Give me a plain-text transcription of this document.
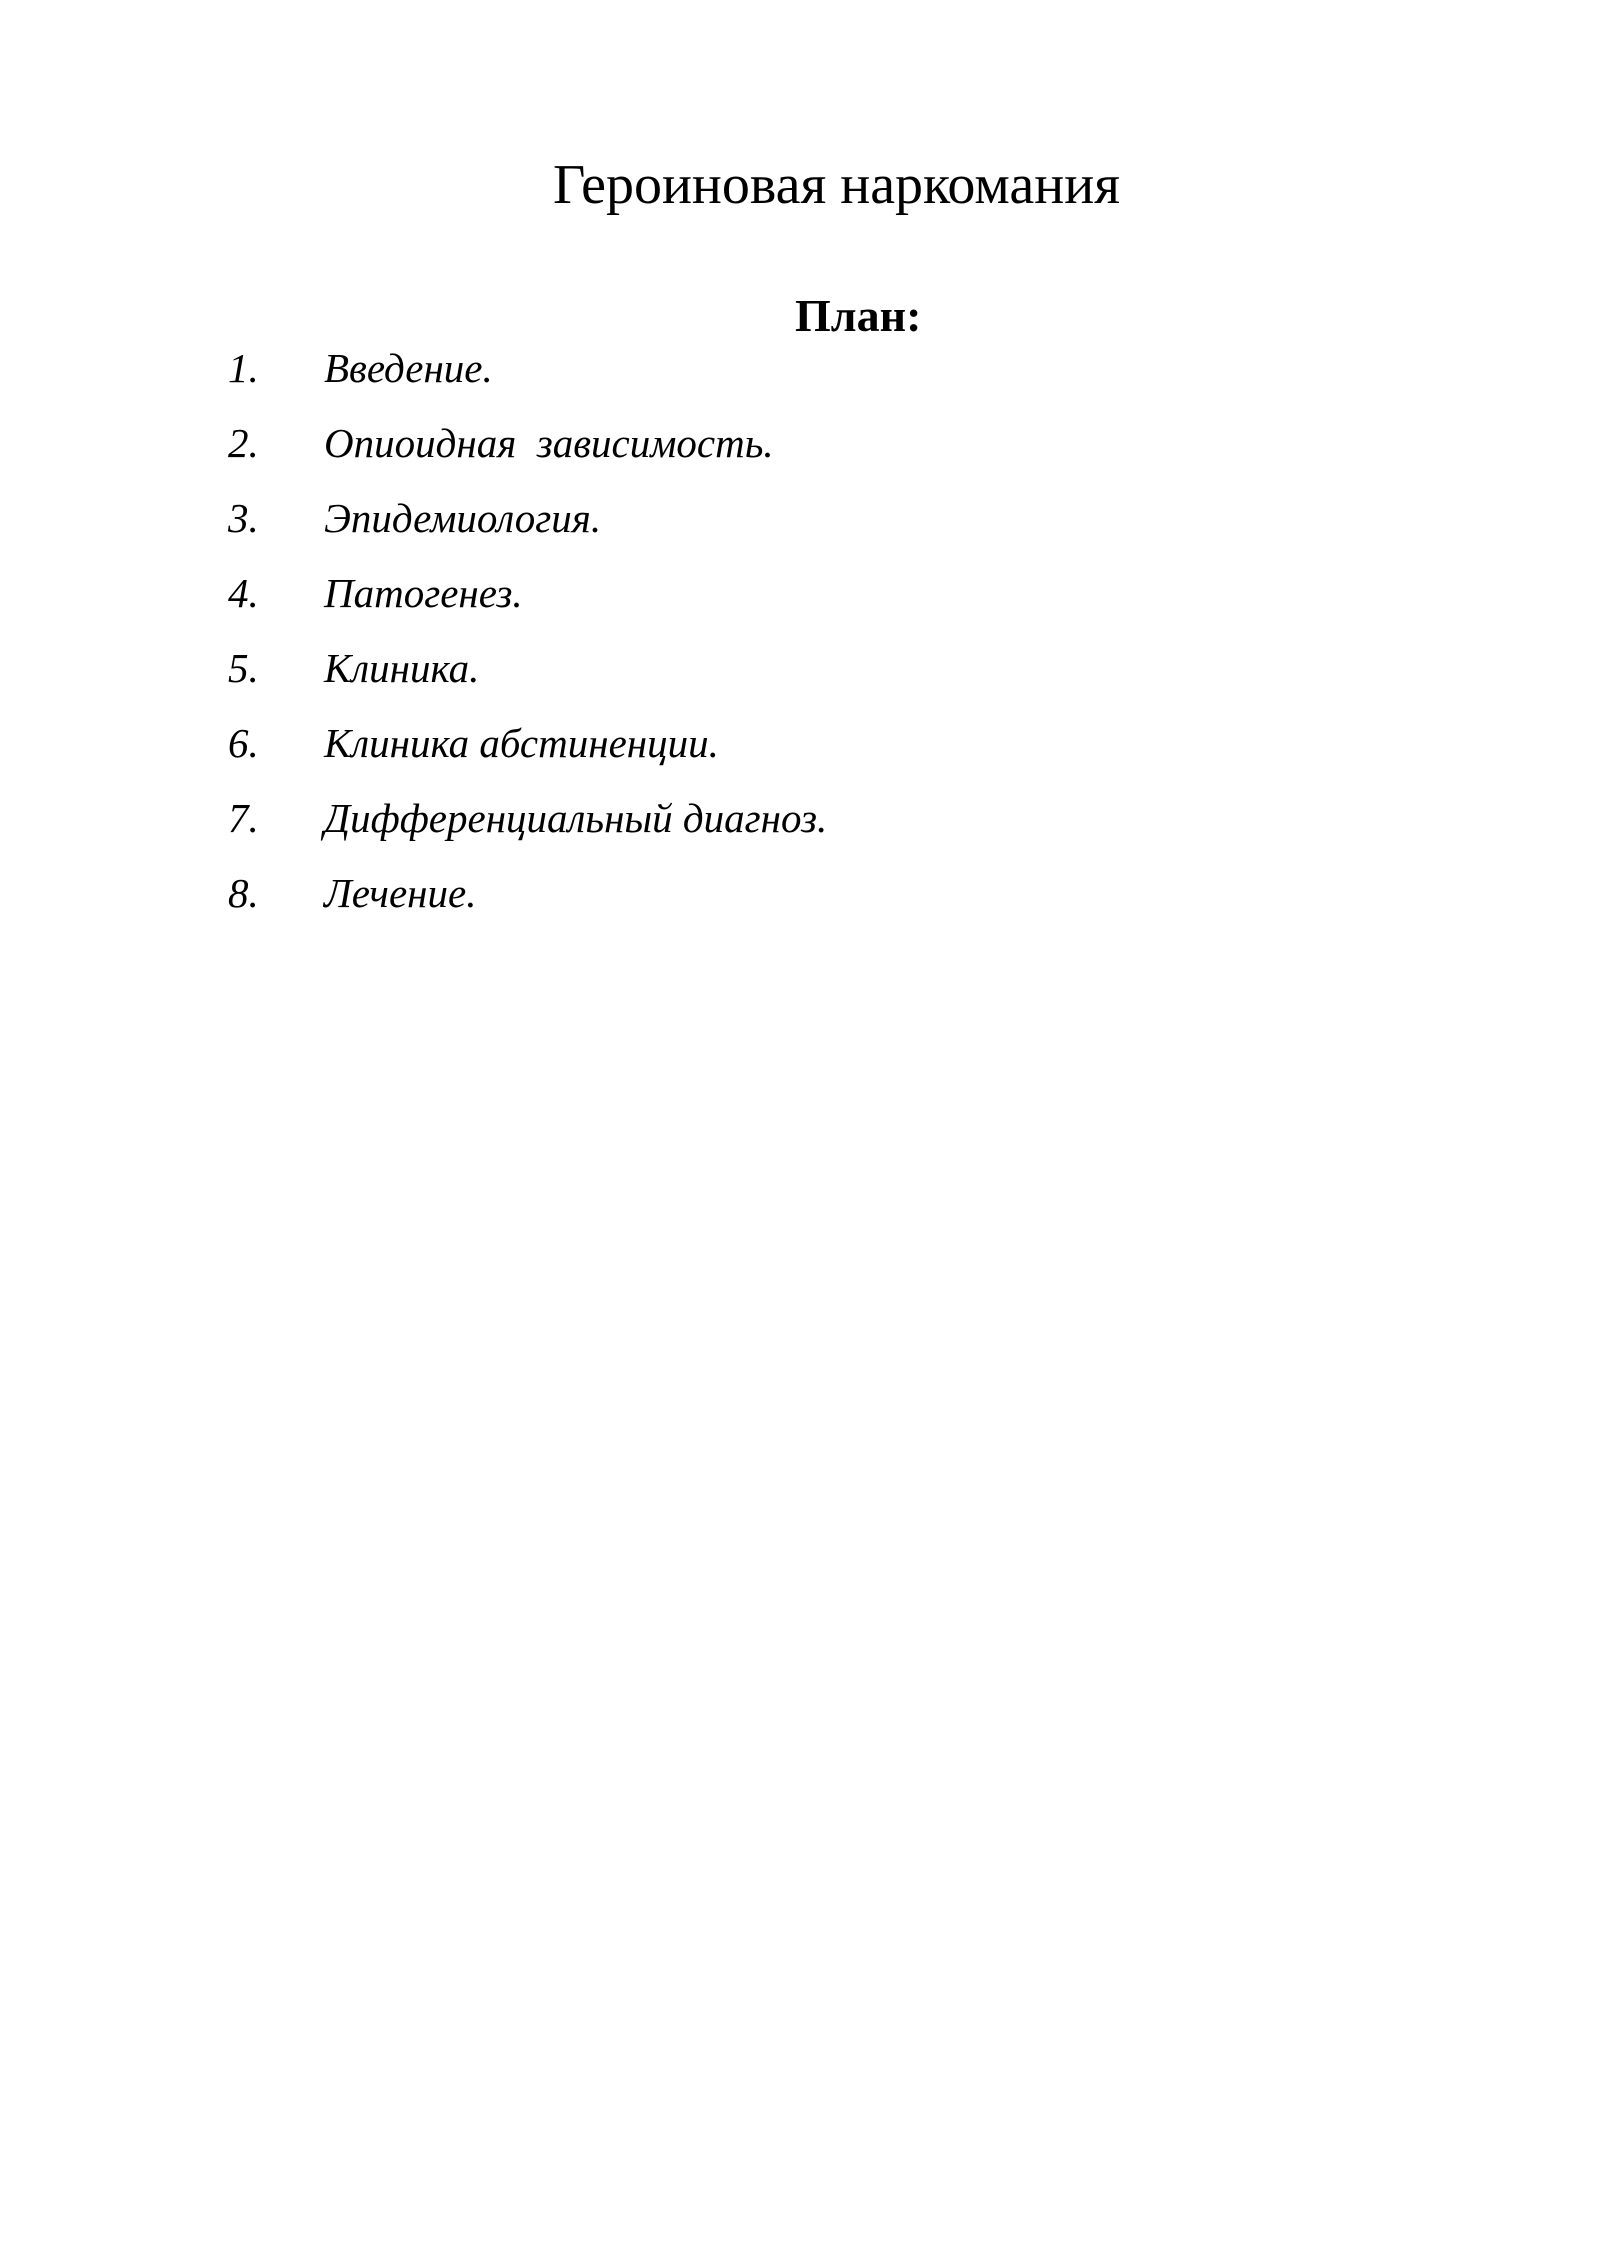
Героиновая наркомания
План:
1. Введение.
2. Опиоидная  зависимость.
3. Эпидемиология.
4. Патогенез.
5. Клиника.
6. Клиника абстиненции.
7. Дифференциальный диагноз.
8. Лечение.
